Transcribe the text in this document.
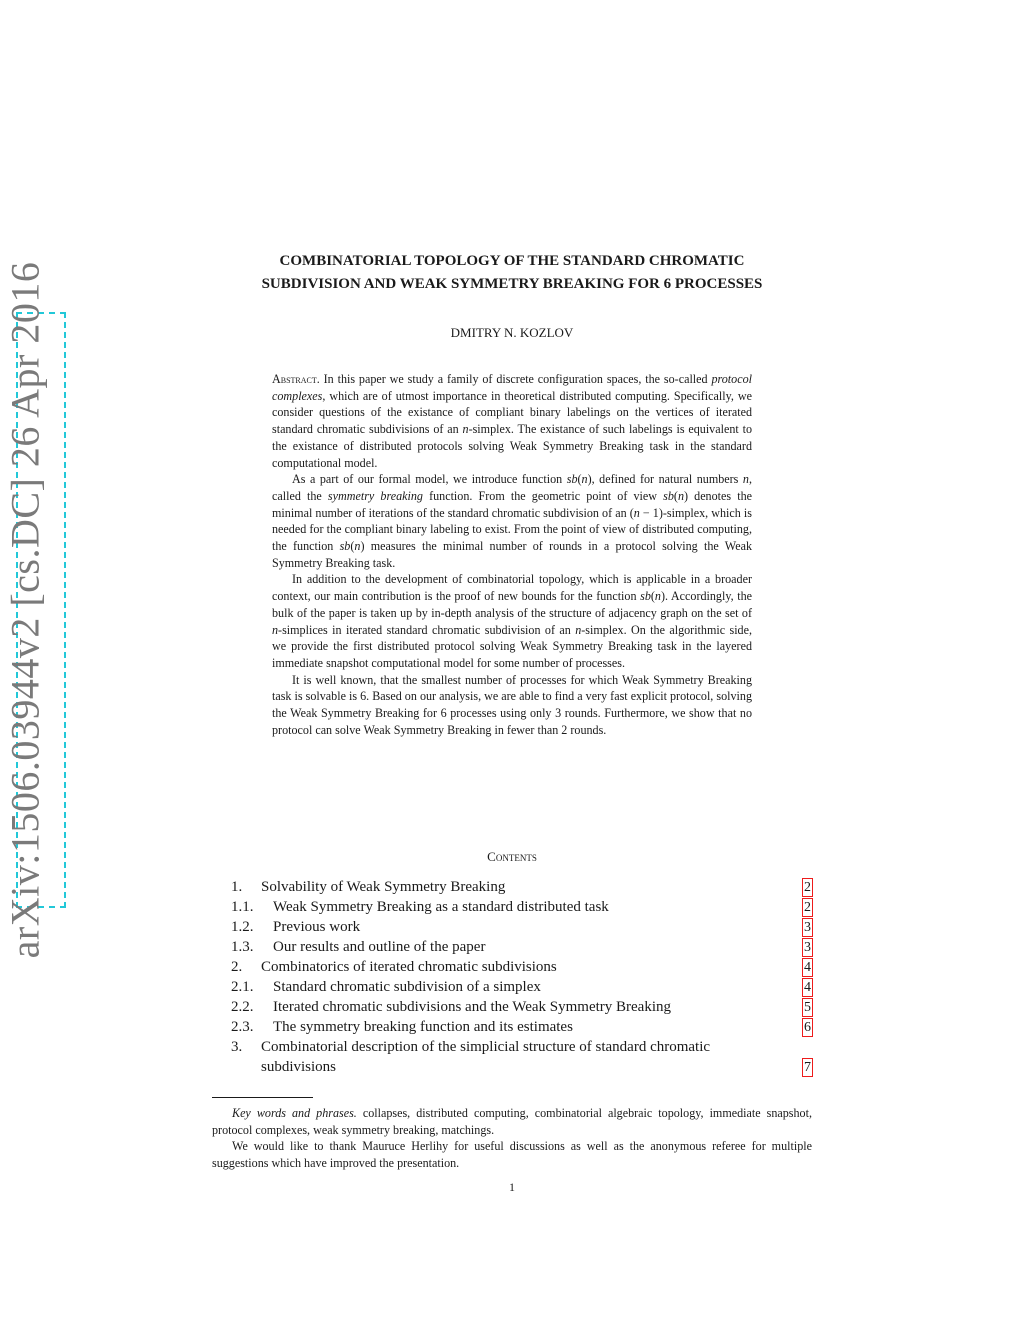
arXiv:1506.03944v2 [cs.DC] 26 Apr 2016
COMBINATORIAL TOPOLOGY OF THE STANDARD CHROMATIC
SUBDIVISION AND WEAK SYMMETRY BREAKING FOR 6 PROCESSES
DMITRY N. KOZLOV

Abstract. In this paper we study a family of discrete configuration spaces, the so-called protocol complexes, which are of utmost importance in theoretical distributed computing. Specifically, we consider questions of the existance of compliant binary labelings on the vertices of iterated standard chromatic subdivisions of an n-simplex. The existance of such labelings is equivalent to the existance of distributed protocols solving Weak Symmetry Breaking task in the standard computational model.

As a part of our formal model, we introduce function sb(n), defined for natural numbers n, called the symmetry breaking function. From the geometric point of view sb(n) denotes the minimal number of iterations of the standard chromatic subdivision of an (n − 1)-simplex, which is needed for the compliant binary labeling to exist. From the point of view of distributed computing, the function sb(n) measures the minimal number of rounds in a protocol solving the Weak Symmetry Breaking task.

In addition to the development of combinatorial topology, which is applicable in a broader context, our main contribution is the proof of new bounds for the function sb(n). Accordingly, the bulk of the paper is taken up by in-depth analysis of the structure of adjacency graph on the set of n-simplices in iterated standard chromatic subdivision of an n-simplex. On the algorithmic side, we provide the first distributed protocol solving Weak Symmetry Breaking task in the layered immediate snapshot computational model for some number of processes.

It is well known, that the smallest number of processes for which Weak Symmetry Breaking task is solvable is 6. Based on our analysis, we are able to find a very fast explicit protocol, solving the Weak Symmetry Breaking for 6 processes using only 3 rounds. Furthermore, we show that no protocol can solve Weak Symmetry Breaking in fewer than 2 rounds.

Contents
1. Solvability of Weak Symmetry Breaking	2
1.1. Weak Symmetry Breaking as a standard distributed task	2
1.2. Previous work	3
1.3. Our results and outline of the paper	3
2. Combinatorics of iterated chromatic subdivisions	4
2.1. Standard chromatic subdivision of a simplex	4
2.2. Iterated chromatic subdivisions and the Weak Symmetry Breaking	5
2.3. The symmetry breaking function and its estimates	6
3. Combinatorial description of the simplicial structure of standard chromatic subdivisions	7

Key words and phrases. collapses, distributed computing, combinatorial algebraic topology, immediate snapshot, protocol complexes, weak symmetry breaking, matchings.

We would like to thank Mauruce Herlihy for useful discussions as well as the anonymous referee for multiple suggestions which have improved the presentation.

1
